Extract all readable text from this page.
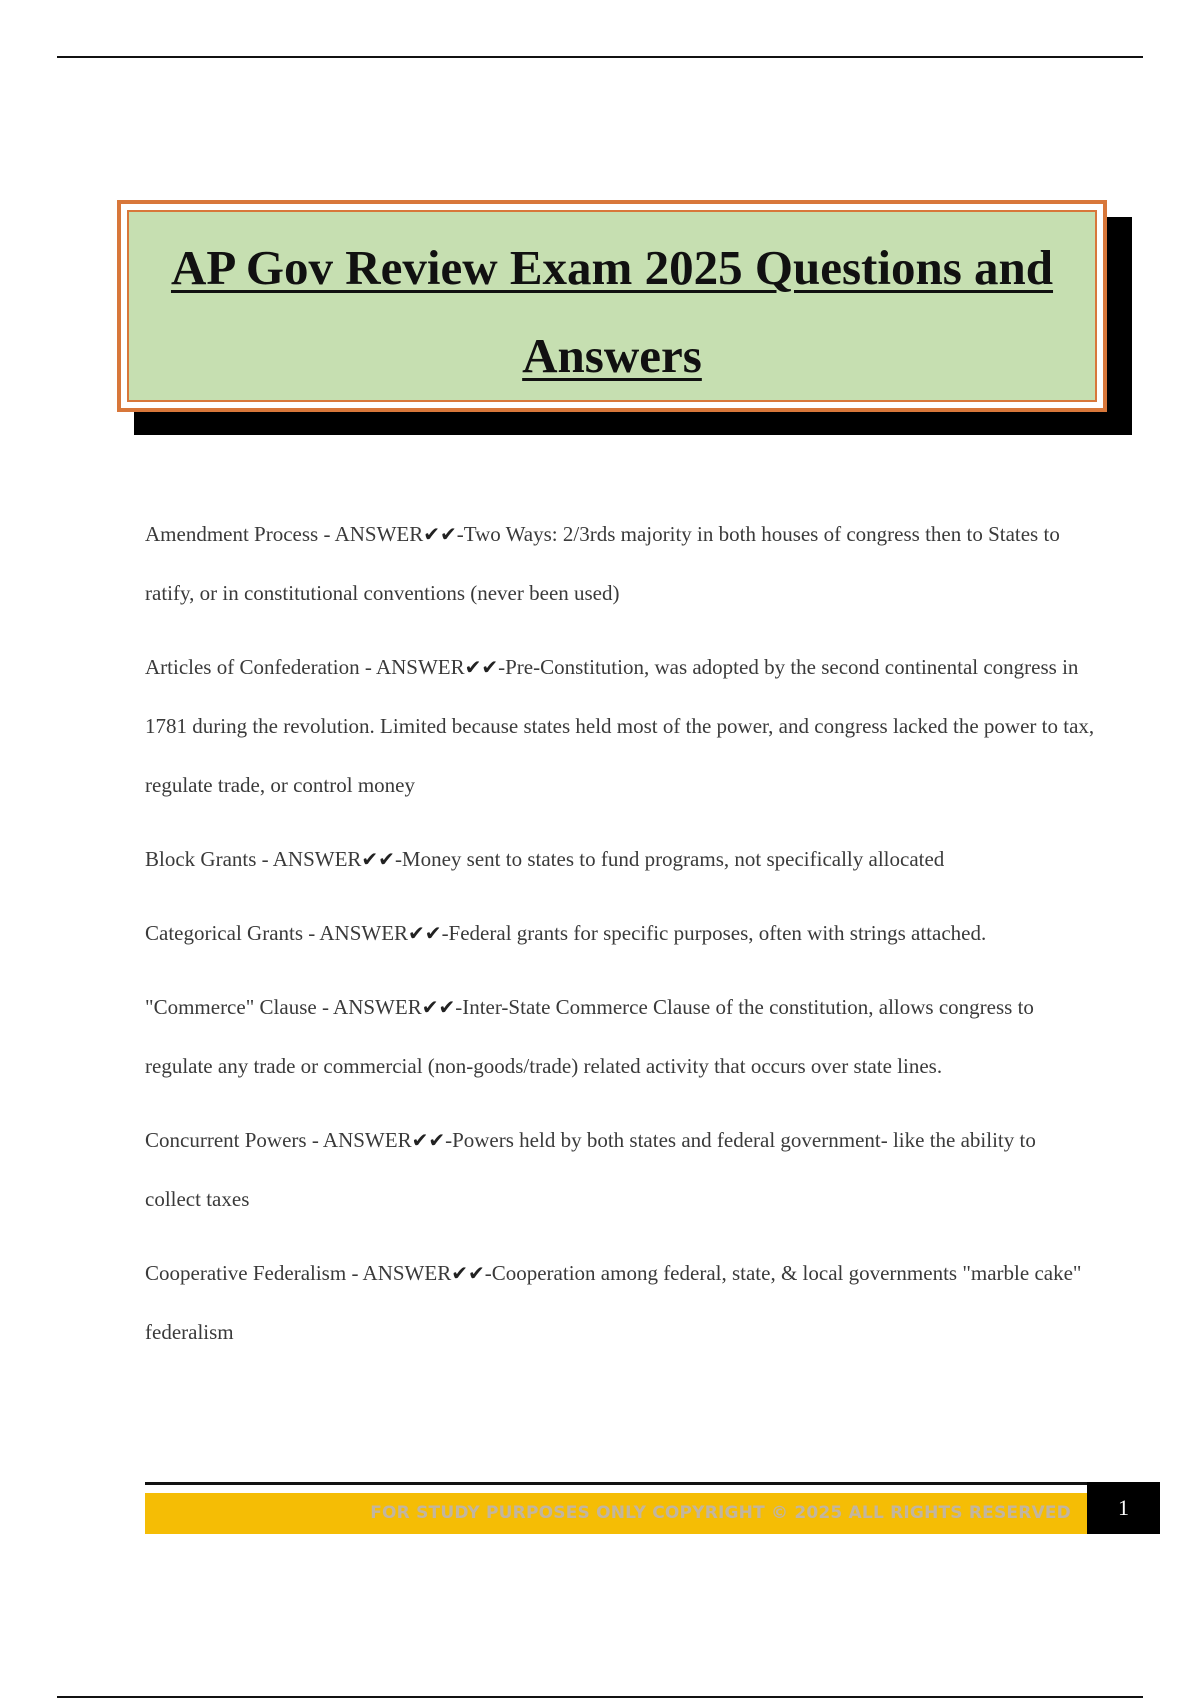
AP Gov Review Exam 2025 Questions and Answers

Amendment Process - ANSWER✔✔-Two Ways: 2/3rds majority in both houses of congress then to States to ratify, or in constitutional conventions (never been used)

Articles of Confederation - ANSWER✔✔-Pre-Constitution, was adopted by the second continental congress in 1781 during the revolution. Limited because states held most of the power, and congress lacked the power to tax, regulate trade, or control money

Block Grants - ANSWER✔✔-Money sent to states to fund programs, not specifically allocated

Categorical Grants - ANSWER✔✔-Federal grants for specific purposes, often with strings attached.

"Commerce" Clause - ANSWER✔✔-Inter-State Commerce Clause of the constitution, allows congress to regulate any trade or commercial (non-goods/trade) related activity that occurs over state lines.

Concurrent Powers - ANSWER✔✔-Powers held by both states and federal government- like the ability to collect taxes

Cooperative Federalism - ANSWER✔✔-Cooperation among federal, state, & local governments "marble cake" federalism

FOR STUDY PURPOSES ONLY COPYRIGHT © 2025 ALL RIGHTS RESERVED	1
